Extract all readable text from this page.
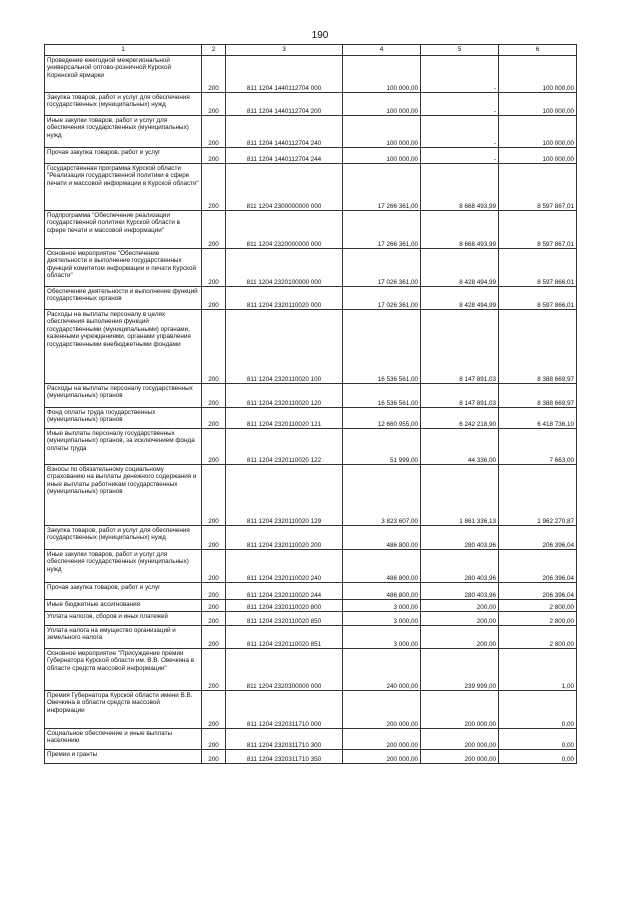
190
1	2	3	4	5	6
Проведение ежегодной межрегиональной универсальной оптово-розничной Курской Коренской ярмарки	200	811 1204 1440112704 000	100 000,00	-	100 000,00
Закупка товаров, работ и услуг для обеспечения государственных (муниципальных) нужд	200	811 1204 1440112704 200	100 000,00	-	100 000,00
Иные закупки товаров, работ и услуг для обеспечения государственных (муниципальных) нужд	200	811 1204 1440112704 240	100 000,00	-	100 000,00
Прочая закупка товаров, работ и услуг	200	811 1204 1440112704 244	100 000,00	-	100 000,00
Государственная программа Курской области "Реализация государственной политики в сфере печати и массовой информации в Курской области"	200	811 1204 2300000000 000	17 266 361,00	8 668 493,99	8 597 867,01
Подпрограмма "Обеспечение реализации государственной политики Курской области в сфере печати и массовой информации"	200	811 1204 2320000000 000	17 266 361,00	8 668 493,99	8 597 867,01
Основное мероприятие "Обеспечение деятельности и выполнение государственных функций комитетом информации и печати Курской области"	200	811 1204 2320100000 000	17 026 361,00	8 428 494,99	8 597 866,01
Обеспечение деятельности и выполнение функций государственных органов	200	811 1204 2320110020 000	17 026 361,00	8 428 494,99	8 597 866,01
Расходы на выплаты персоналу в целях обеспечения выполнения функций государственными (муниципальными) органами, казенными учреждениями, органами управления государственными внебюджетными фондами	200	811 1204 2320110020 100	16 536 561,00	8 147 891,03	8 388 669,97
Расходы на выплаты персоналу государственных (муниципальных) органов	200	811 1204 2320110020 120	16 536 561,00	8 147 891,03	8 388 669,97
Фонд оплаты труда государственных (муниципальных) органов	200	811 1204 2320110020 121	12 660 955,00	6 242 218,90	6 418 736,10
Иные выплаты персоналу государственных (муниципальных) органов, за исключением фонда оплаты труда	200	811 1204 2320110020 122	51 999,00	44 336,00	7 663,00
Взносы по обязательному социальному страхованию на выплаты денежного содержания и иные выплаты работникам государственных (муниципальных) органов	200	811 1204 2320110020 129	3 823 607,00	1 861 336,13	1 962 270,87
Закупка товаров, работ и услуг для обеспечения государственных (муниципальных) нужд	200	811 1204 2320110020 200	486 800,00	280 403,96	206 396,04
Иные закупки товаров, работ и услуг для обеспечения государственных (муниципальных) нужд	200	811 1204 2320110020 240	486 800,00	280 403,96	206 396,04
Прочая закупка товаров, работ и услуг	200	811 1204 2320110020 244	486 800,00	280 403,96	206 396,04
Иные бюджетные ассигнования	200	811 1204 2320110020 800	3 000,00	200,00	2 800,00
Уплата налогов, сборов и иных платежей	200	811 1204 2320110020 850	3 000,00	200,00	2 800,00
Уплата налога на имущество организаций и земельного налога	200	811 1204 2320110020 851	3 000,00	200,00	2 800,00
Основное мероприятие "Присуждение премии Губернатора Курской области им. В.В. Овечкина в области средств массовой информации"	200	811 1204 2320300000 000	240 000,00	239 999,00	1,00
Премия Губернатора Курской области имени В.В. Овечкина в области средств массовой информации	200	811 1204 2320311710 000	200 000,00	200 000,00	0,00
Социальное обеспечение и иные выплаты населению	200	811 1204 2320311710 300	200 000,00	200 000,00	0,00
Премии и гранты	200	811 1204 2320311710 350	200 000,00	200 000,00	0,00
